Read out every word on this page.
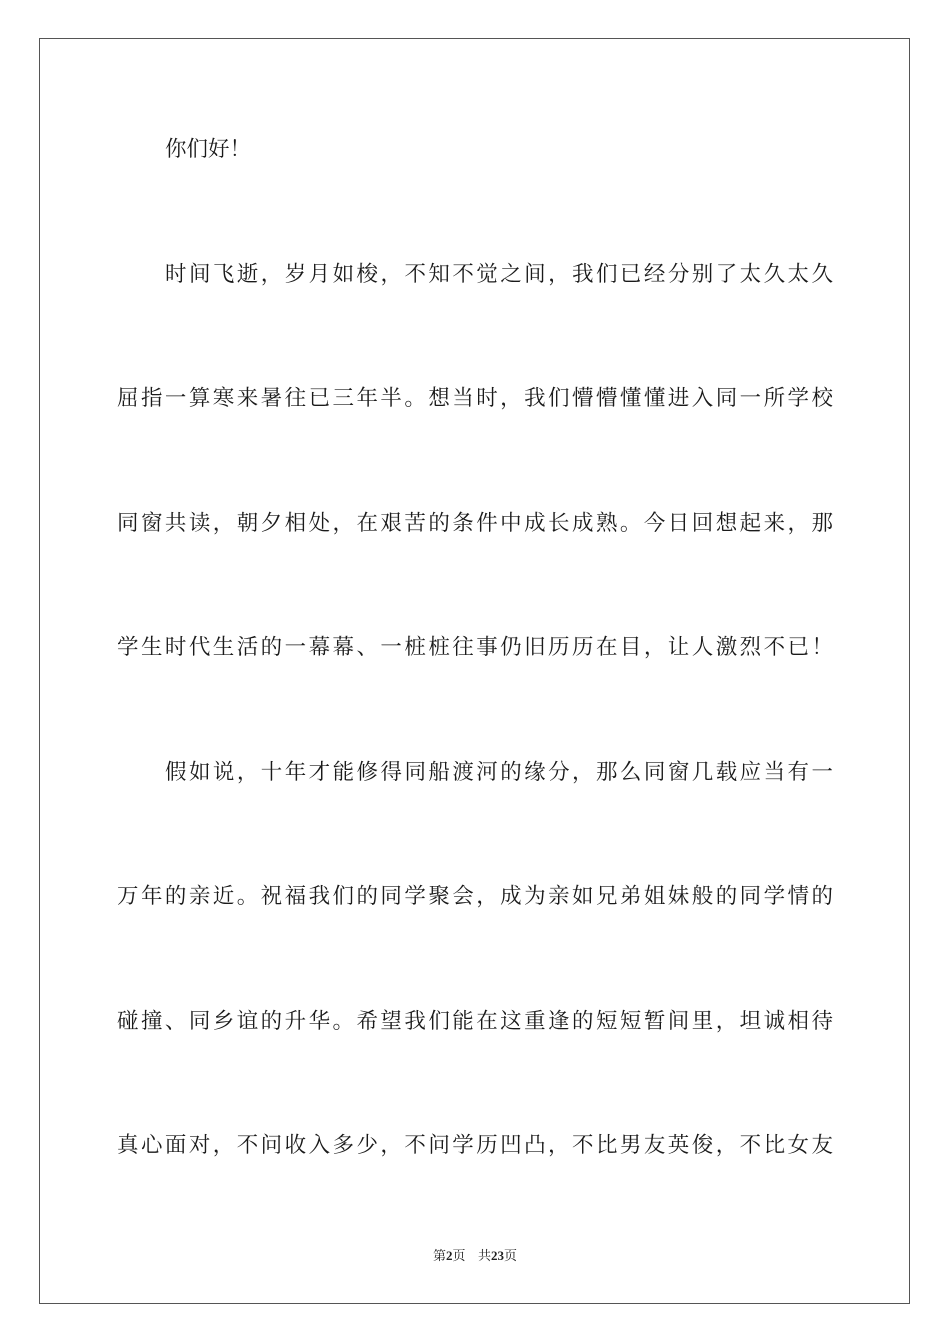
你们好！
时间飞逝，岁月如梭，不知不觉之间，我们已经分别了太久太久
屈指一算寒来暑往已三年半。想当时，我们懵懵懂懂进入同一所学校
同窗共读，朝夕相处，在艰苦的条件中成长成熟。今日回想起来，那
学生时代生活的一幕幕、一桩桩往事仍旧历历在目，让人激烈不已！
假如说，十年才能修得同船渡河的缘分，那么同窗几载应当有一
万年的亲近。祝福我们的同学聚会，成为亲如兄弟姐妹般的同学情的
碰撞、同乡谊的升华。希望我们能在这重逢的短短暂间里，坦诚相待
真心面对，不问收入多少，不问学历凹凸，不比男友英俊，不比女友
第2页 共23页
